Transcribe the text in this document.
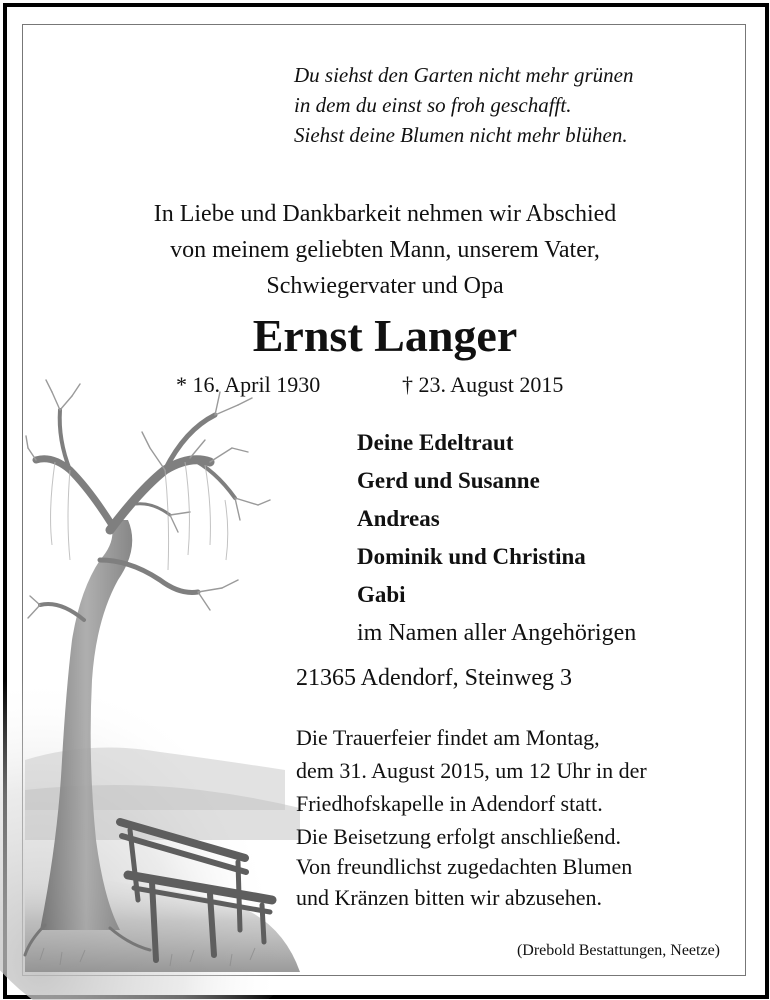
Du siehst den Garten nicht mehr grünen
in dem du einst so froh geschafft.
Siehst deine Blumen nicht mehr blühen.
In Liebe und Dankbarkeit nehmen wir Abschied
von meinem geliebten Mann, unserem Vater,
Schwiegervater und Opa
Ernst Langer
* 16. April 1930	† 23. August 2015
Deine Edeltraut
Gerd und Susanne
Andreas
Dominik und Christina
Gabi
im Namen aller Angehörigen
21365 Adendorf, Steinweg 3
Die Trauerfeier findet am Montag,
dem 31. August 2015, um 12 Uhr in der
Friedhofskapelle in Adendorf statt.
Die Beisetzung erfolgt anschließend.
Von freundlichst zugedachten Blumen
und Kränzen bitten wir abzusehen.
(Drebold Bestattungen, Neetze)
